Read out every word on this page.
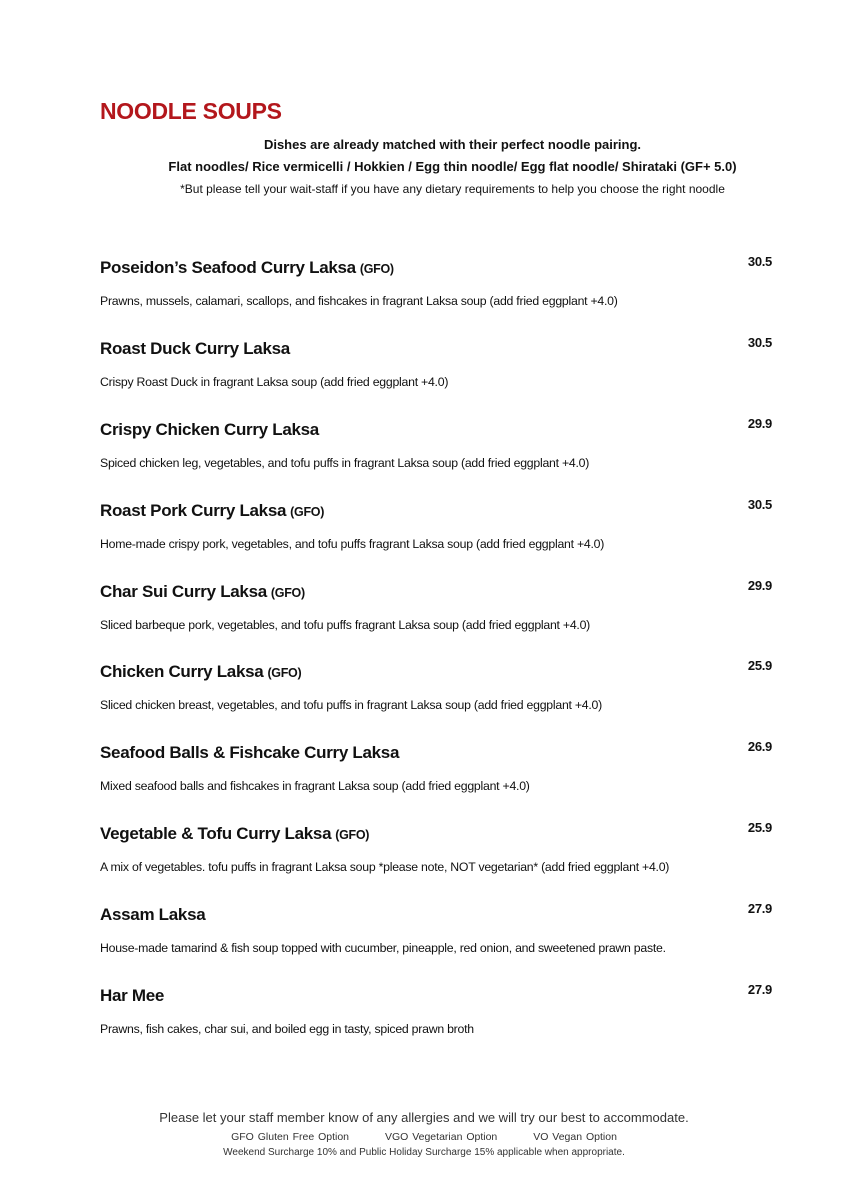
NOODLE SOUPS
Dishes are already matched with their perfect noodle pairing.
Flat noodles/ Rice vermicelli / Hokkien / Egg thin noodle/ Egg flat noodle/ Shirataki (GF+ 5.0)
*But please tell your wait-staff if you have any dietary requirements to help you choose the right noodle
Poseidon’s Seafood Curry Laksa (GFO)	30.5
Prawns, mussels, calamari, scallops, and fishcakes in fragrant Laksa soup (add fried eggplant +4.0)
Roast Duck Curry Laksa	30.5
Crispy Roast Duck in fragrant Laksa soup (add fried eggplant +4.0)
Crispy Chicken Curry Laksa	29.9
Spiced chicken leg, vegetables, and tofu puffs in fragrant Laksa soup (add fried eggplant +4.0)
Roast Pork Curry Laksa (GFO)	30.5
Home-made crispy pork, vegetables, and tofu puffs fragrant Laksa soup (add fried eggplant +4.0)
Char Sui Curry Laksa (GFO)	29.9
Sliced barbeque pork, vegetables, and tofu puffs fragrant Laksa soup (add fried eggplant +4.0)
Chicken Curry Laksa (GFO)	25.9
Sliced chicken breast, vegetables, and tofu puffs in fragrant Laksa soup (add fried eggplant +4.0)
Seafood Balls & Fishcake Curry Laksa	26.9
Mixed seafood balls and fishcakes in fragrant Laksa soup (add fried eggplant +4.0)
Vegetable & Tofu Curry Laksa (GFO)	25.9
A mix of vegetables. tofu puffs in fragrant Laksa soup *please note, NOT vegetarian* (add fried eggplant +4.0)
Assam Laksa	27.9
House-made tamarind & fish soup topped with cucumber, pineapple, red onion, and sweetened prawn paste.
Har Mee	27.9
Prawns, fish cakes, char sui, and boiled egg in tasty, spiced prawn broth
Please let your staff member know of any allergies and we will try our best to accommodate.
GFO Gluten Free Option	VGO Vegetarian Option	VO Vegan Option
Weekend Surcharge 10% and Public Holiday Surcharge 15% applicable when appropriate.
